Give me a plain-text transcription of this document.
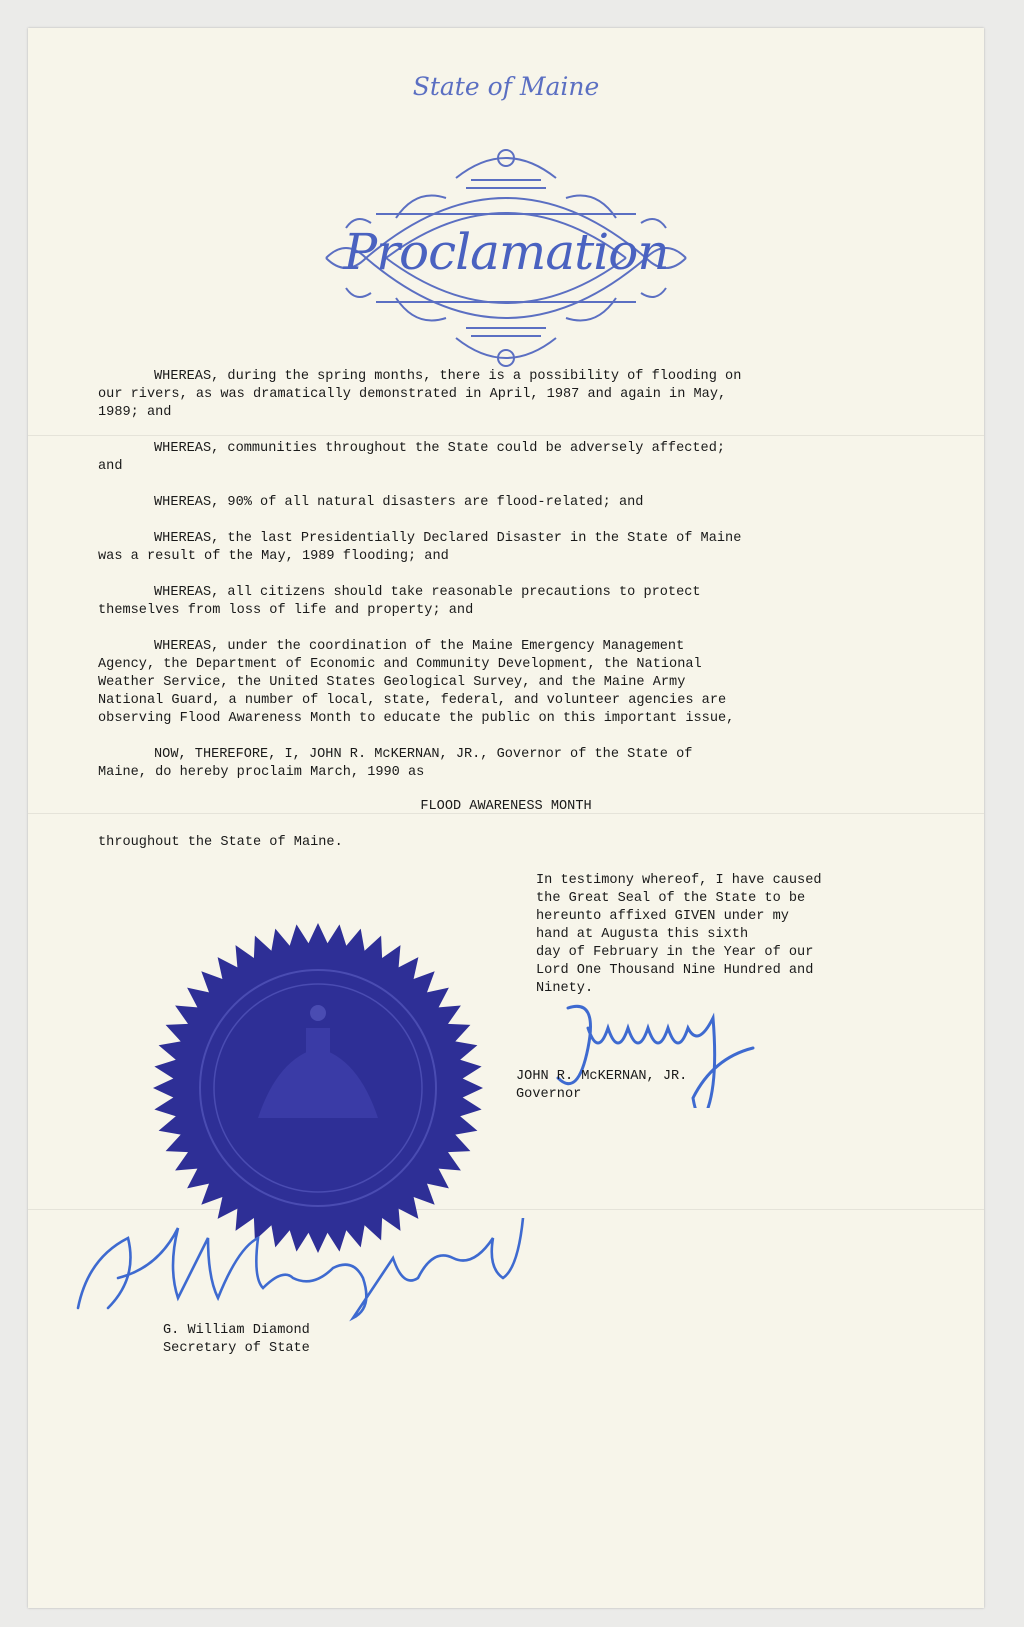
State of Maine
Proclamation

WHEREAS, during the spring months, there is a possibility of flooding on

our rivers, as was dramatically demonstrated in April, 1987 and again in May,
1989; and

WHEREAS, communities throughout the State could be adversely affected;

and

WHEREAS, 90% of all natural disasters are flood-related; and

WHEREAS, the last Presidentially Declared Disaster in the State of Maine

was a result of the May, 1989 flooding; and

WHEREAS, all citizens should take reasonable precautions to protect

themselves from loss of life and property; and

WHEREAS, under the coordination of the Maine Emergency Management

Agency, the Department of Economic and Community Development, the National
Weather Service, the United States Geological Survey, and the Maine Army
National Guard, a number of local, state, federal, and volunteer agencies are
observing Flood Awareness Month to educate the public on this important issue,

NOW, THEREFORE, I, JOHN R. McKERNAN, JR., Governor of the State of

Maine, do hereby proclaim March, 1990 as

FLOOD AWARENESS MONTH

throughout the State of Maine.

In testimony whereof, I have caused
the Great Seal of the State to be
hereunto affixed GIVEN under my
hand at Augusta this sixth
day of February in the Year of our
Lord One Thousand Nine Hundred and
Ninety.

JOHN R. McKERNAN, JR.

Governor

G. William Diamond

Secretary of State
